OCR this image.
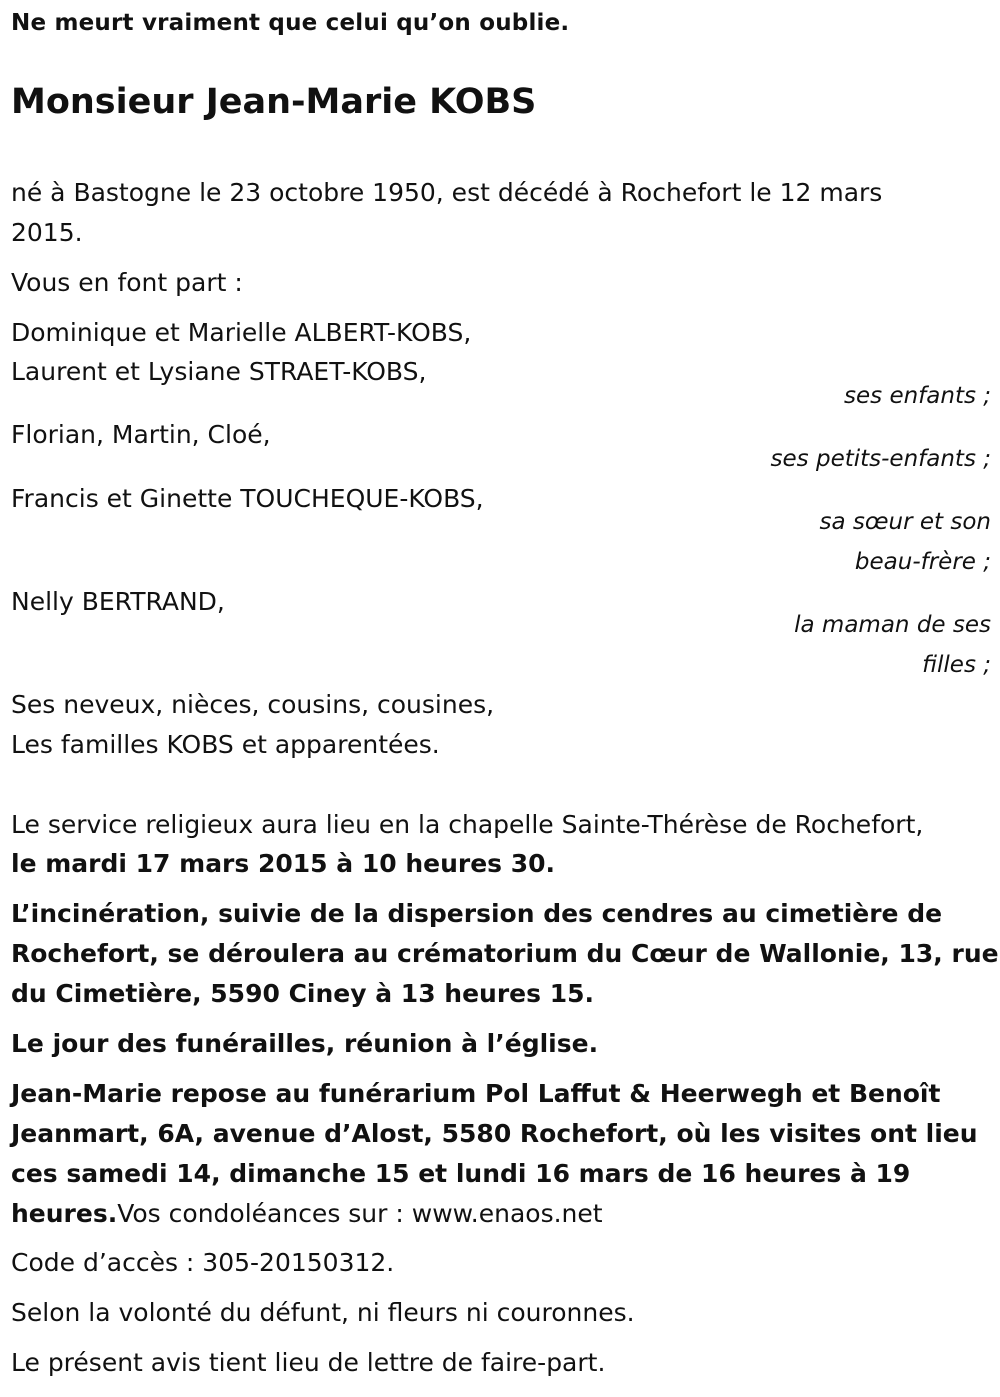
Ne meurt vraiment que celui qu’on oublie.
Monsieur Jean-Marie KOBS
né à Bastogne le 23 octobre 1950, est décédé à Rochefort le 12 mars
2015.
Vous en font part :
Dominique et Marielle ALBERT-KOBS,
Laurent et Lysiane STRAET-KOBS,
ses enfants ;
Florian, Martin, Cloé,
ses petits-enfants ;
Francis et Ginette TOUCHEQUE-KOBS,
sa sœur et son
beau-frère ;
Nelly BERTRAND,
la maman de ses
filles ;
Ses neveux, nièces, cousins, cousines,
Les familles KOBS et apparentées.
Le service religieux aura lieu en la chapelle Sainte-Thérèse de Rochefort,
le mardi 17 mars 2015 à 10 heures 30.
L’incinération, suivie de la dispersion des cendres au cimetière de
Rochefort, se déroulera au crématorium du Cœur de Wallonie, 13, rue
du Cimetière, 5590 Ciney à 13 heures 15.
Le jour des funérailles, réunion à l’église.
Jean-Marie repose au funérarium Pol Laffut & Heerwegh et Benoît
Jeanmart, 6A, avenue d’Alost, 5580 Rochefort, où les visites ont lieu
ces samedi 14, dimanche 15 et lundi 16 mars de 16 heures à 19
heures.Vos condoléances sur : www.enaos.net
Code d’accès : 305-20150312.
Selon la volonté du défunt, ni fleurs ni couronnes.
Le présent avis tient lieu de lettre de faire-part.
